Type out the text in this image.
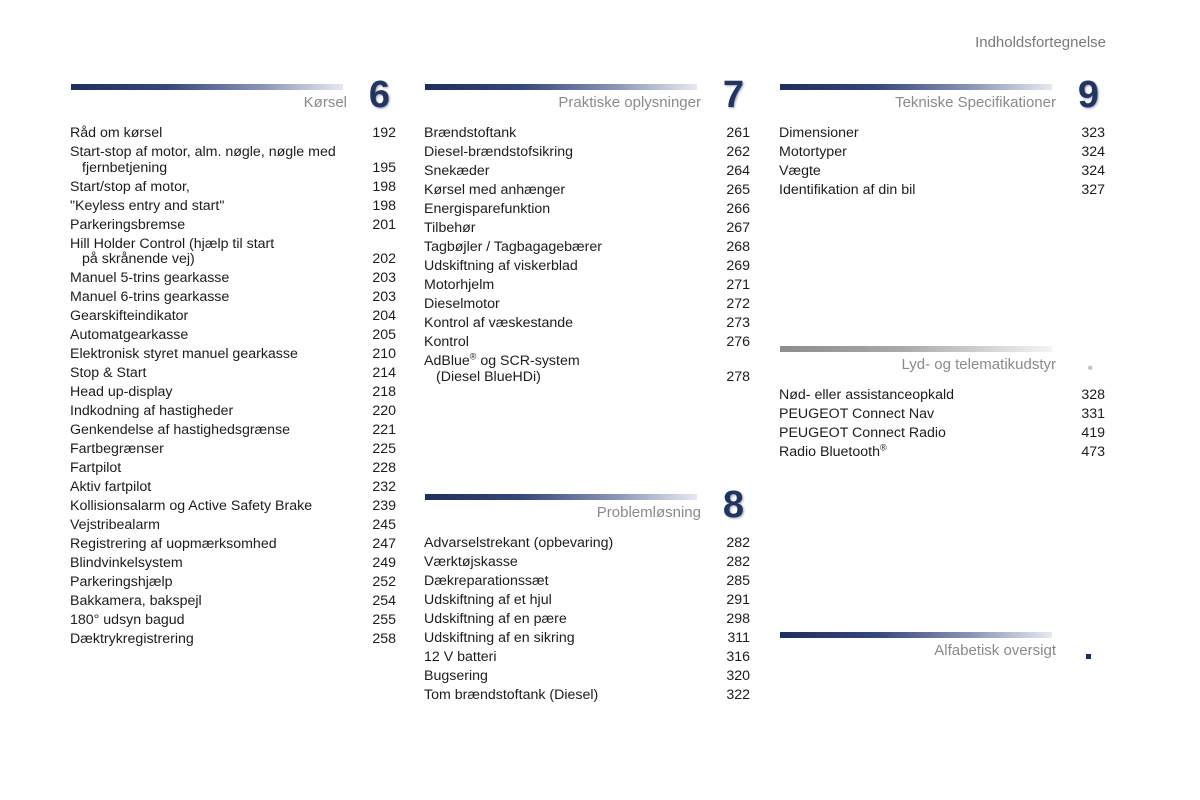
Indholdsfortegnelse
Kørsel 6
Råd om kørsel	192
Start-stop af motor, alm. nøgle, nøgle med
fjernbetjening	195
Start/stop af motor,	198
"Keyless entry and start"	198
Parkeringsbremse	201
Hill Holder Control (hjælp til start
på skrånende vej)	202
Manuel 5-trins gearkasse	203
Manuel 6-trins gearkasse	203
Gearskifteindikator	204
Automatgearkasse	205
Elektronisk styret manuel gearkasse	210
Stop & Start	214
Head up-display	218
Indkodning af hastigheder	220
Genkendelse af hastighedsgrænse	221
Fartbegrænser	225
Fartpilot	228
Aktiv fartpilot	232
Kollisionsalarm og Active Safety Brake	239
Vejstribealarm	245
Registrering af uopmærksomhed	247
Blindvinkelsystem	249
Parkeringshjælp	252
Bakkamera, bakspejl	254
180° udsyn bagud	255
Dæktrykregistrering	258
Praktiske oplysninger 7
Brændstoftank	261
Diesel-brændstofsikring	262
Snekæder	264
Kørsel med anhænger	265
Energisparefunktion	266
Tilbehør	267
Tagbøjler / Tagbagagebærer	268
Udskiftning af viskerblad	269
Motorhjelm	271
Dieselmotor	272
Kontrol af væskestande	273
Kontrol	276
AdBlue® og SCR-system
(Diesel BlueHDi)	278
Problemløsning 8
Advarselstrekant (opbevaring)	282
Værktøjskasse	282
Dækreparationssæt	285
Udskiftning af et hjul	291
Udskiftning af en pære	298
Udskiftning af en sikring	311
12 V batteri	316
Bugsering	320
Tom brændstoftank (Diesel)	322
Tekniske Specifikationer 9
Dimensioner	323
Motortyper	324
Vægte	324
Identifikation af din bil	327
Lyd- og telematikudstyr •
Nød- eller assistanceopkald	328
PEUGEOT Connect Nav	331
PEUGEOT Connect Radio	419
Radio Bluetooth®	473
Alfabetisk oversigt
